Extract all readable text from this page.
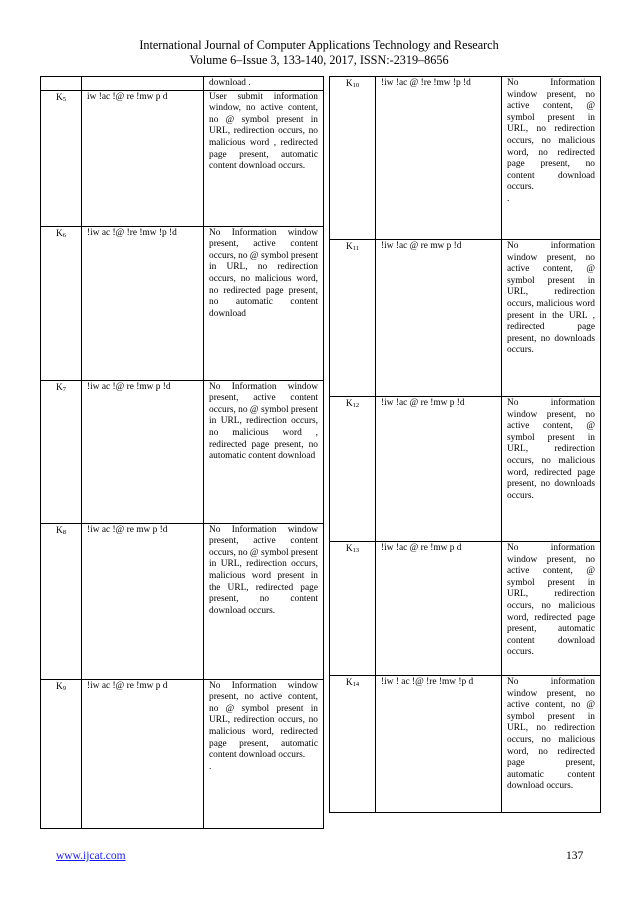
International Journal of Computer Applications Technology and Research
Volume 6–Issue 3, 133-140, 2017, ISSN:-2319–8656
		download .
$K_5$	iw !ac !@ re !mw p d	User submit information window, no active content, no @ symbol present in URL, redirection occurs, no malicious word , redirected page present, automatic content download occurs.
$K_6$	!iw ac !@ !re !mw !p !d	No Information window present, active content occurs, no @ symbol present in URL, no redirection occurs, no malicious word, no redirected page present, no automatic content download
$K_7$	!iw ac !@ re !mw p !d	No Information window present, active content occurs, no @ symbol present in URL, redirection occurs, no malicious word , redirected page present, no automatic content download
$K_8$	!iw ac !@ re mw p !d	No Information window present, active content occurs, no @ symbol present in URL, redirection occurs, malicious word present in the URL, redirected page present, no content download occurs.
$K_9$	!iw ac !@ re !mw p d	No Information window present, no active content, no @ symbol present in URL, redirection occurs, no malicious word, redirected page present, automatic content download occurs.
.
$K_{10}$	!iw !ac @ !re !mw !p !d	No Information window present, no active content, @ symbol present in URL, no redirection occurs, no malicious word, no redirected page present, no content download occurs.
.
$K_{11}$	!iw !ac @ re mw p !d	No information window present, no active content, @ symbol present in URL, redirection occurs, malicious word present in the URL , redirected page present, no downloads occurs.
$K_{12}$	!iw !ac @ re !mw p !d	No information window present, no active content, @ symbol present in URL, redirection occurs, no malicious word, redirected page present, no downloads occurs.
$K_{13}$	!iw !ac @ re !mw p d	No information window present, no active content, @ symbol present in URL, redirection occurs, no malicious word, redirected page present, automatic content download occurs.
$K_{14}$	!iw ! ac !@ !re !mw !p d	No information window present, no active content, no @ symbol present in URL, no redirection occurs, no malicious word, no redirected page present, automatic content download occurs.
www.ijcat.com	137
